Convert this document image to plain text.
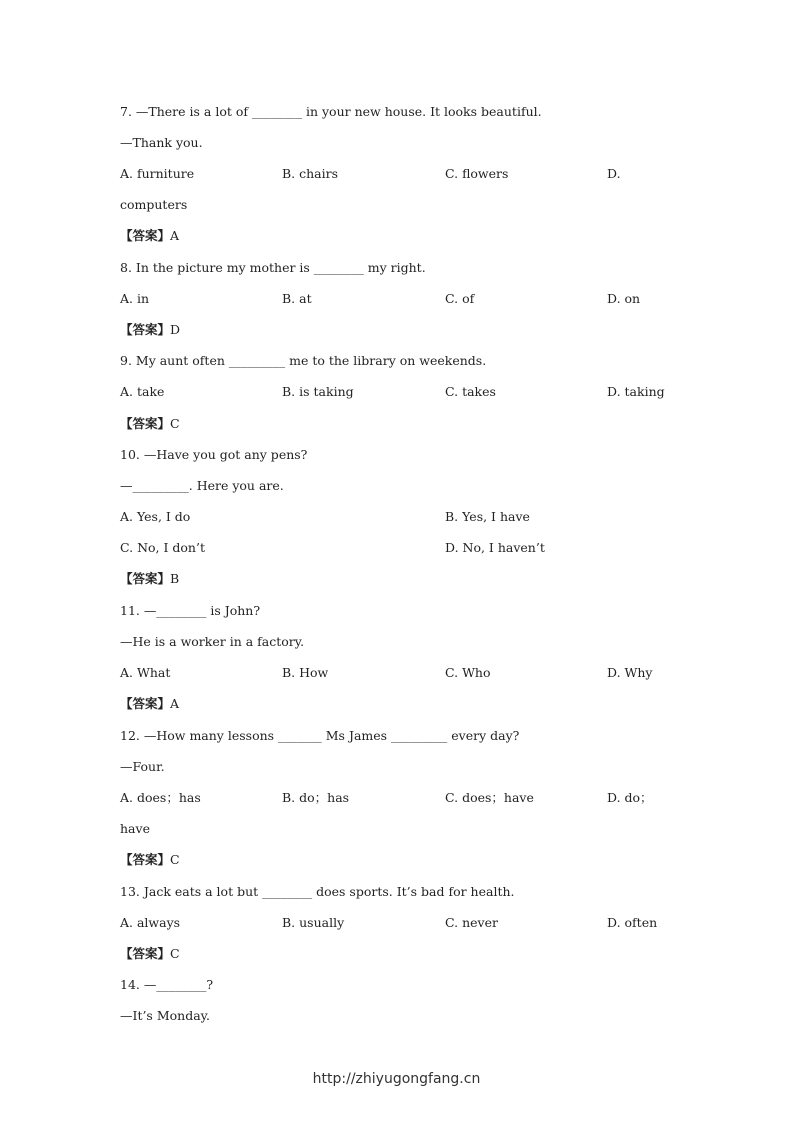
7. —There is a lot of ________ in your new house. It looks beautiful.
—Thank you.
A. furniture	B. chairs	C. flowers	D.
computers
【答案】A
8. In the picture my mother is ________ my right.
A. in	B. at	C. of	D. on
【答案】D
9. My aunt often _________ me to the library on weekends.
A. take	B. is taking	C. takes	D. taking
【答案】C
10. —Have you got any pens?
—_________. Here you are.
A. Yes, I do	B. Yes, I have
C. No, I don’t	D. No, I haven’t
【答案】B
11. —________ is John?
—He is a worker in a factory.
A. What	B. How	C. Who	D. Why
【答案】A
12. —How many lessons _______ Ms James _________ every day?
—Four.
A. does；has	B. do；has	C. does；have	D. do；
have
【答案】C
13. Jack eats a lot but ________ does sports. It’s bad for health.
A. always	B. usually	C. never	D. often
【答案】C
14. —________?
—It’s Monday.
http://zhiyugongfang.cn
